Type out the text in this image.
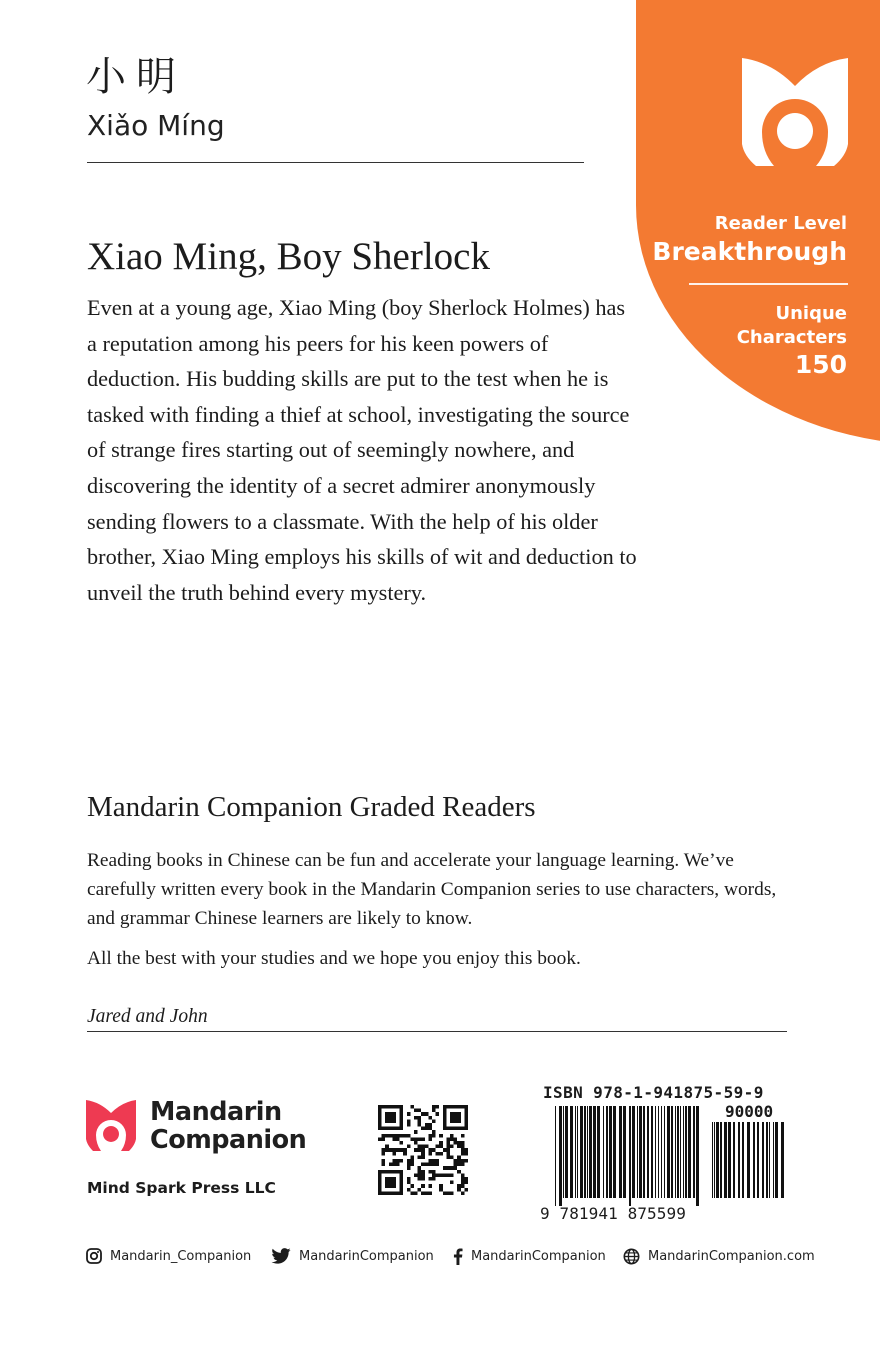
小明
Xiǎo Míng
Reader Level
Breakthrough
Unique Characters
150
Xiao Ming, Boy Sherlock

Even at a young age, Xiao Ming (boy Sherlock Holmes) has a reputation among his peers for his keen powers of deduction. His budding skills are put to the test when he is tasked with finding a thief at school, investigating the source of strange fires starting out of seemingly nowhere, and discovering the identity of a secret admirer anonymously sending flowers to a classmate. With the help of his older brother, Xiao Ming employs his skills of wit and deduction to unveil the truth behind every mystery.

Mandarin Companion Graded Readers

Reading books in Chinese can be fun and accelerate your language learning. We’ve carefully written every book in the Mandarin Companion series to use characters, words, and grammar Chinese learners are likely to know.

All the best with your studies and we hope you enjoy this book.

Jared and John
Mandarin
Companion
Mind Spark Press LLC
ISBN 978-1-941875-59-9
90000
9 781941 875599
Mandarin_Companion	MandarinCompanion	MandarinCompanion	MandarinCompanion.com
